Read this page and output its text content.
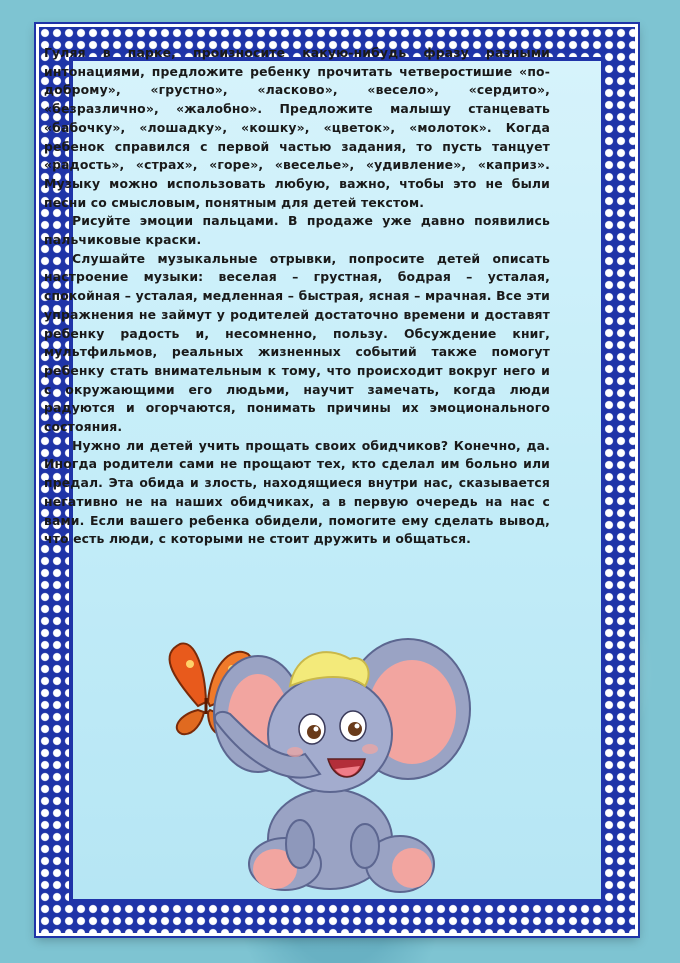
Гуляя в парке, произносите какую-нибудь фразу разными интонациями, предложите ребенку прочитать четверостишие «по-доброму», «грустно», «ласково», «весело», «сердито», «безразлично», «жалобно». Предложите малышу станцевать «бабочку», «лошадку», «кошку», «цветок», «молоток». Когда ребенок справился с первой частью задания, то пусть танцует «радость», «страх», «горе», «веселье», «удивление», «каприз». Музыку можно использовать любую, важно, чтобы это не были песни со смысловым, понятным для детей текстом.

Рисуйте эмоции пальцами. В продаже уже давно появились пальчиковые краски.

Слушайте музыкальные отрывки, попросите детей описать настроение музыки: веселая – грустная, бодрая – усталая, спокойная – усталая, медленная – быстрая, ясная – мрачная. Все эти упражнения не займут у родителей достаточно времени и доставят ребенку радость и, несомненно, пользу. Обсуждение книг, мультфильмов, реальных жизненных событий также помогут ребенку стать внимательным к тому, что происходит вокруг него и с окружающими его людьми, научит замечать, когда люди радуются и огорчаются, понимать причины их эмоционального состояния.

Нужно ли детей учить прощать своих обидчиков? Конечно, да. Иногда родители сами не прощают тех, кто сделал им больно или предал. Эта обида и злость, находящиеся внутри нас, сказывается негативно не на наших обидчиках, а в первую очередь на нас с вами. Если вашего ребенка обидели, помогите ему сделать вывод, что есть люди, с которыми не стоит дружить и общаться.
